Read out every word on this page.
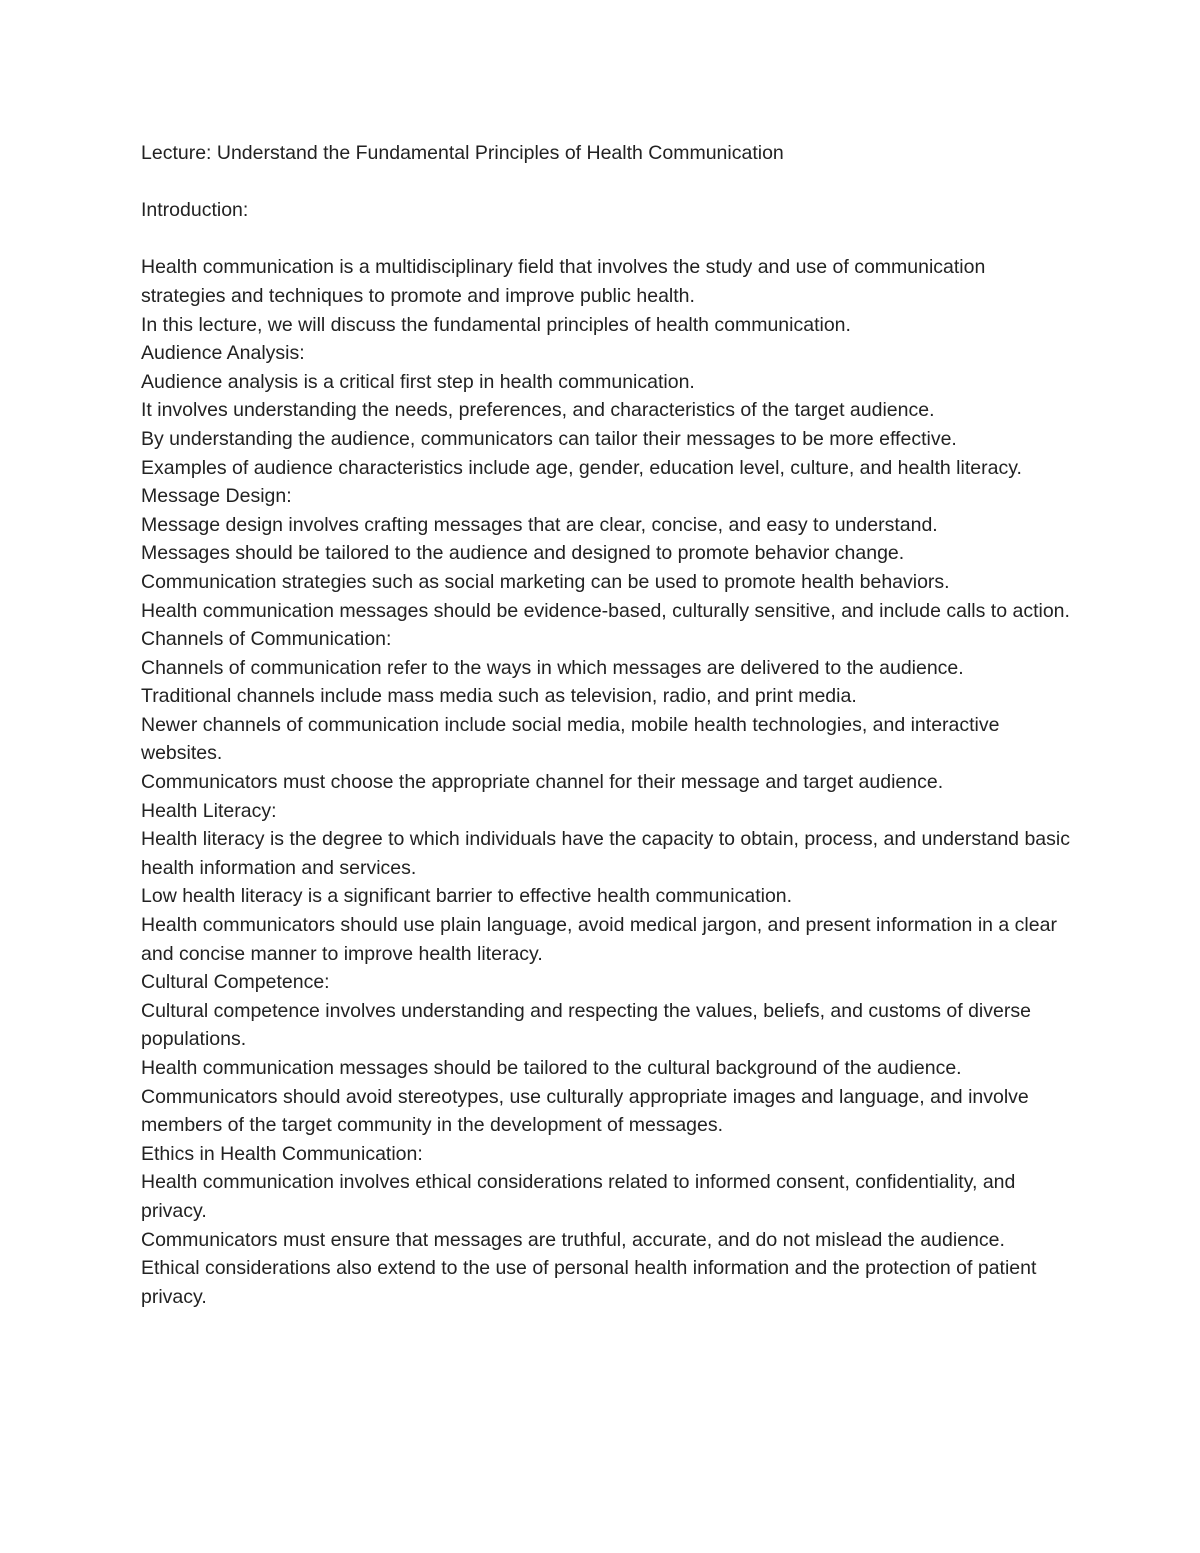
Lecture: Understand the Fundamental Principles of Health Communication

Introduction:

Health communication is a multidisciplinary field that involves the study and use of communication strategies and techniques to promote and improve public health.

In this lecture, we will discuss the fundamental principles of health communication.

Audience Analysis:

Audience analysis is a critical first step in health communication.

It involves understanding the needs, preferences, and characteristics of the target audience.

By understanding the audience, communicators can tailor their messages to be more effective.

Examples of audience characteristics include age, gender, education level, culture, and health literacy.

Message Design:

Message design involves crafting messages that are clear, concise, and easy to understand.

Messages should be tailored to the audience and designed to promote behavior change.

Communication strategies such as social marketing can be used to promote health behaviors.

Health communication messages should be evidence-based, culturally sensitive, and include calls to action.

Channels of Communication:

Channels of communication refer to the ways in which messages are delivered to the audience.

Traditional channels include mass media such as television, radio, and print media.

Newer channels of communication include social media, mobile health technologies, and interactive websites.

Communicators must choose the appropriate channel for their message and target audience.

Health Literacy:

Health literacy is the degree to which individuals have the capacity to obtain, process, and understand basic health information and services.

Low health literacy is a significant barrier to effective health communication.

Health communicators should use plain language, avoid medical jargon, and present information in a clear and concise manner to improve health literacy.

Cultural Competence:

Cultural competence involves understanding and respecting the values, beliefs, and customs of diverse populations.

Health communication messages should be tailored to the cultural background of the audience.

Communicators should avoid stereotypes, use culturally appropriate images and language, and involve members of the target community in the development of messages.

Ethics in Health Communication:

Health communication involves ethical considerations related to informed consent, confidentiality, and privacy.

Communicators must ensure that messages are truthful, accurate, and do not mislead the audience.

Ethical considerations also extend to the use of personal health information and the protection of patient privacy.
